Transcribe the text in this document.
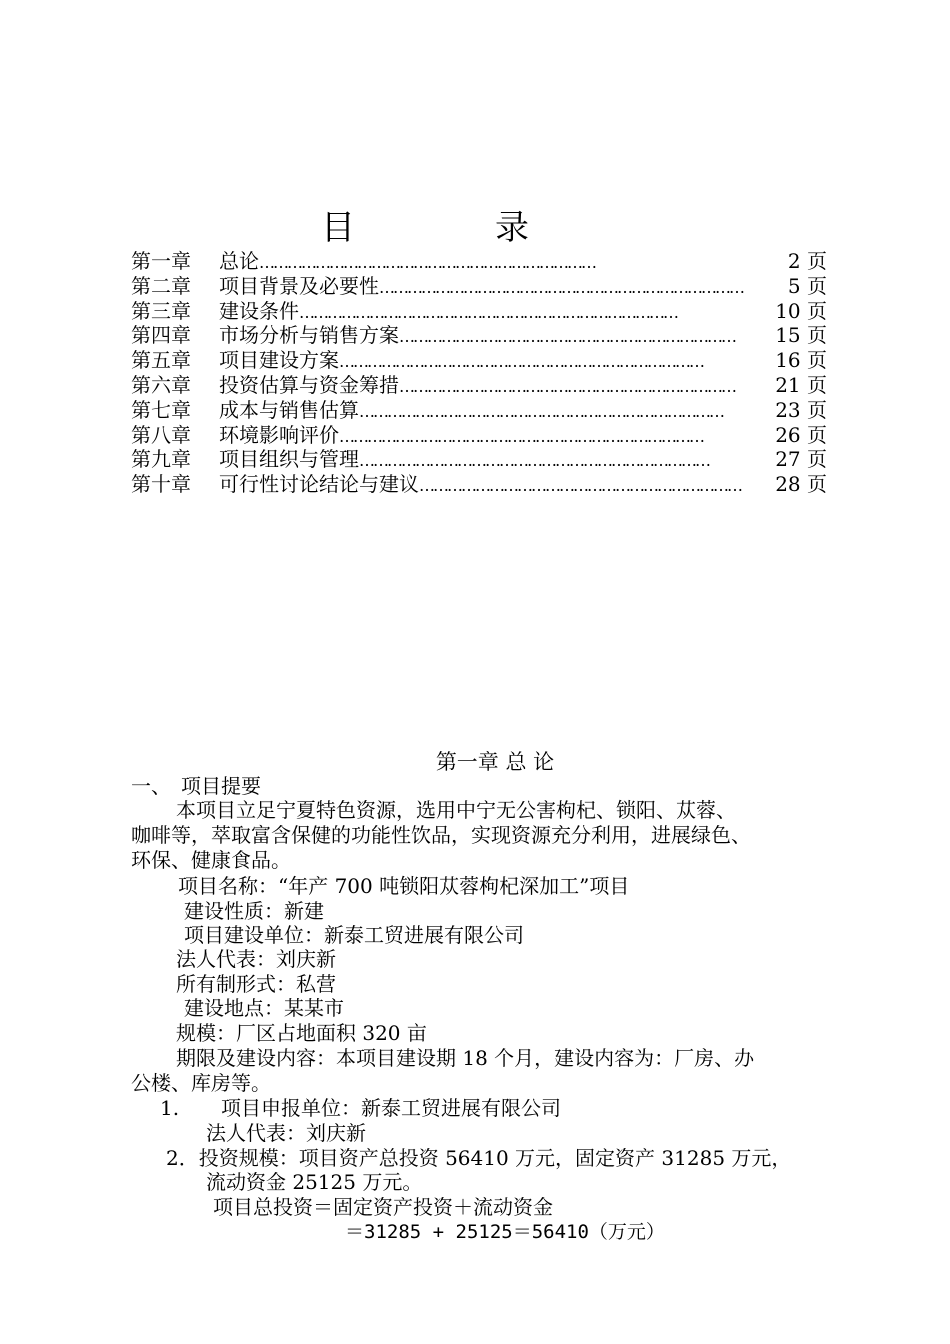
目录
第一章	总论 ………………………………………………………………	2 页
第二章	项目背景及必要性 ……………………………………………………………………	5 页
第三章	建设条件 ………………………………………………………………………	10 页
第四章	市场分析与销售方案 ………………………………………………………………	15 页
第五章	项目建设方案 ……………………………………………………………………	16 页
第六章	投资估算与资金筹措 ………………………………………………………………	21 页
第七章	成本与销售估算 ……………………………………………………………………	23 页
第八章	环境影响评价 ……………………………………………………………………	26 页
第九章	项目组织与管理 …………………………………………………………………	27 页
第十章	可行性讨论结论与建议 ……………………………………………………………	28 页
第一章 总 论
一、　项目提要
本项目立足宁夏特色资源，选用中宁无公害枸杞、锁阳、苁蓉、
咖啡等，萃取富含保健的功能性饮品，实现资源充分利用，进展绿色、
环保、健康食品。
项目名称：“年产 700 吨锁阳苁蓉枸杞深加工”项目
建设性质：新建
项目建设单位：新泰工贸进展有限公司
法人代表：刘庆新
所有制形式：私营
建设地点：某某市
规模：厂区占地面积 320 亩
期限及建设内容：本项目建设期 18 个月，建设内容为：厂房、办
公楼、库房等。
1. 项目申报单位：新泰工贸进展有限公司
法人代表：刘庆新
2．投资规模：项目资产总投资 56410 万元，固定资产 31285 万元，
流动资金 25125 万元。
项目总投资＝固定资产投资＋流动资金
＝31285 + 25125＝56410（万元）
